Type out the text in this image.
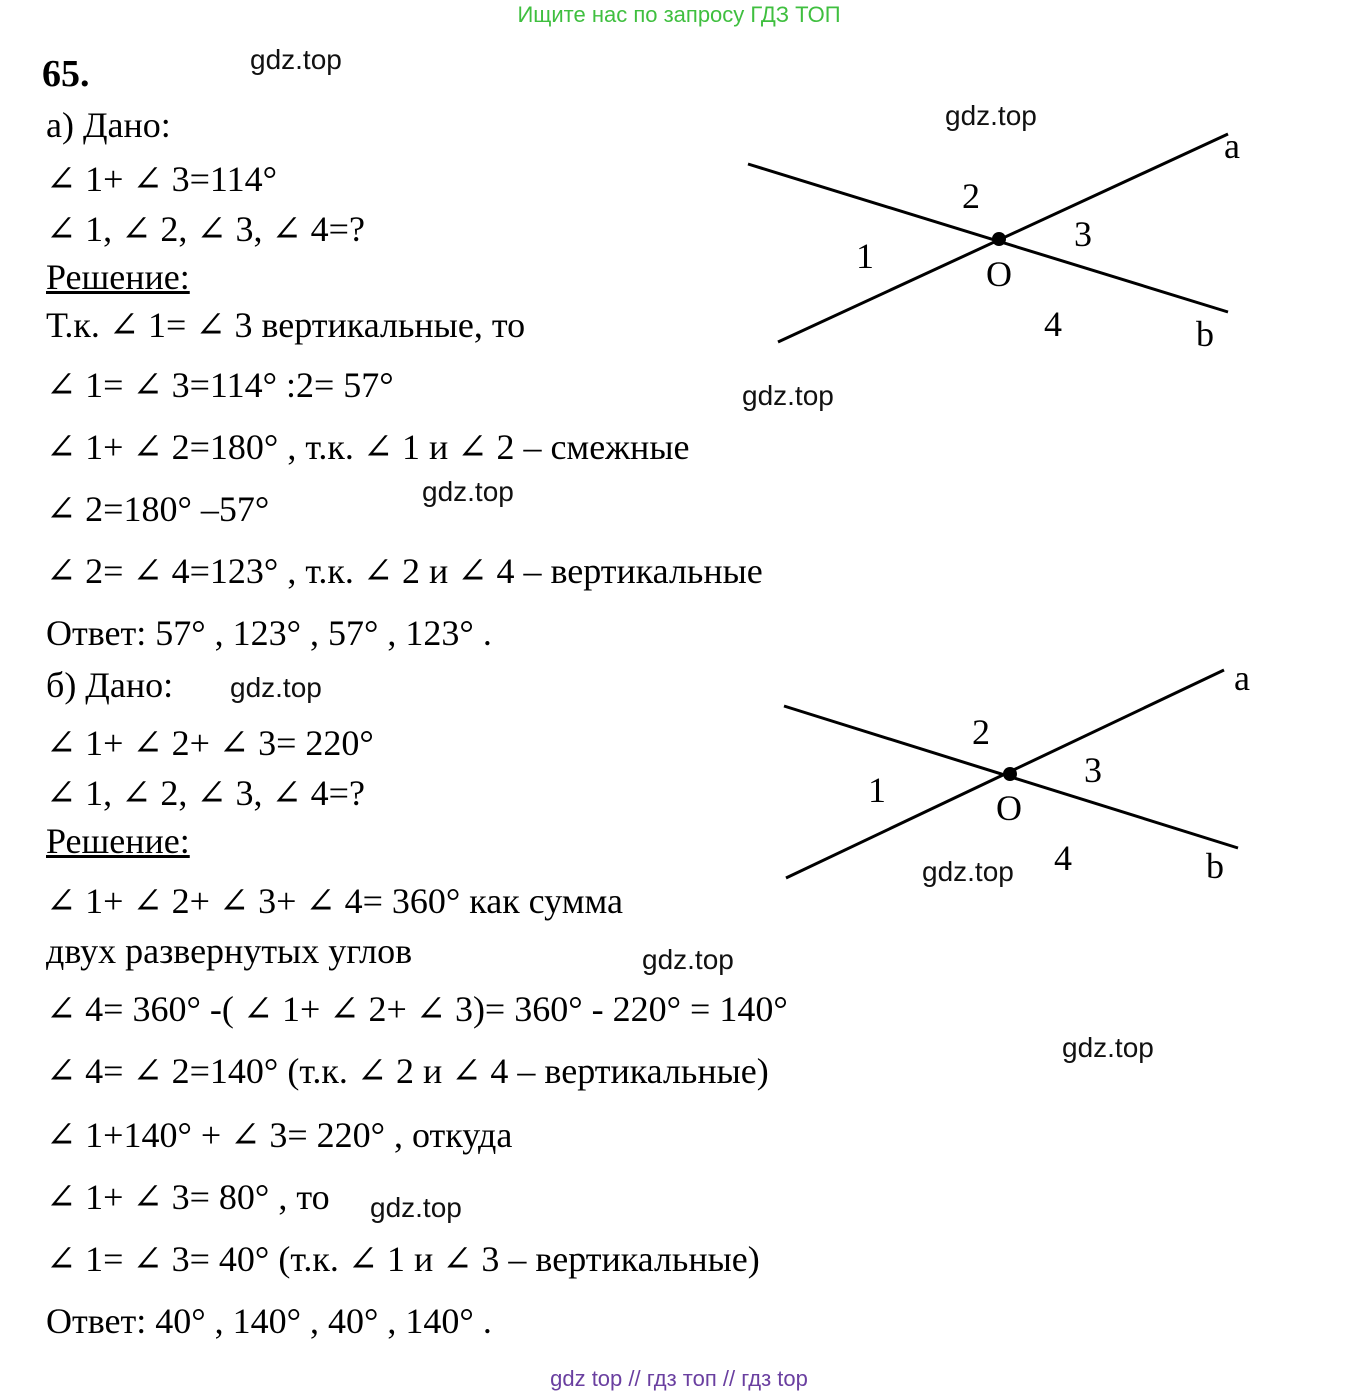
Ищите нас по запросу ГДЗ ТОП
65.	gdz.top
gdz.top
gdz.top
gdz.top
gdz.top
gdz.top
gdz.top
gdz.top
gdz.top
а) Дано:
∠ 1+ ∠ 3=114°
∠ 1, ∠ 2, ∠ 3, ∠ 4=?
Решение:
Т.к. ∠ 1= ∠ 3 вертикальные, то
∠ 1= ∠ 3=114° :2= 57°
∠ 1+ ∠ 2=180° , т.к. ∠ 1 и ∠ 2 – смежные
∠ 2=180° –57°
∠ 2= ∠ 4=123° , т.к. ∠ 2 и ∠ 4 – вертикальные
Ответ: 57° , 123° , 57° , 123° .
б) Дано:
∠ 1+ ∠ 2+ ∠ 3= 220°
∠ 1, ∠ 2, ∠ 3, ∠ 4=?
Решение:
∠ 1+ ∠ 2+ ∠ 3+ ∠ 4= 360° как сумма
двух развернутых углов
∠ 4= 360° -( ∠ 1+ ∠ 2+ ∠ 3)= 360° - 220° = 140°
∠ 4= ∠ 2=140° (т.к. ∠ 2 и ∠ 4 – вертикальные)
∠ 1+140° + ∠ 3= 220° , откуда
∠ 1+ ∠ 3= 80° , то
∠ 1= ∠ 3= 40° (т.к. ∠ 1 и ∠ 3 – вертикальные)
Ответ: 40° , 140° , 40° , 140° .
a
b
O
1
2
3
4
a
b
O
1
2
3
4
gdz top // гдз топ // гдз top
